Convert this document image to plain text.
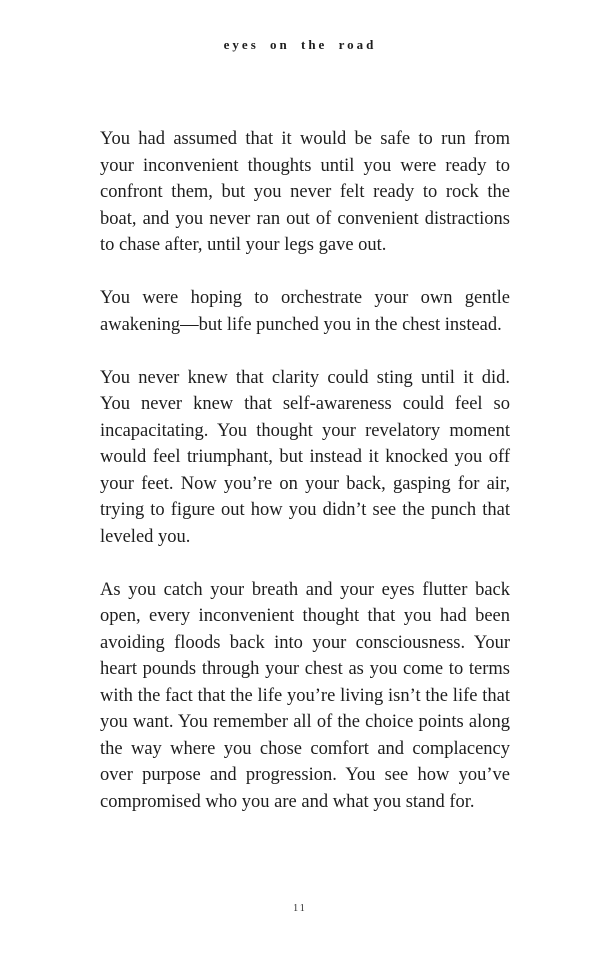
eyes on the road

You had assumed that it would be safe to run from your inconvenient thoughts until you were ready to confront them, but you never felt ready to rock the boat, and you never ran out of convenient distractions to chase after, until your legs gave out.

You were hoping to orchestrate your own gentle awakening—but life punched you in the chest instead.

You never knew that clarity could sting until it did. You never knew that self-awareness could feel so incapacitating. You thought your revelatory moment would feel triumphant, but instead it knocked you off your feet. Now you’re on your back, gasping for air, trying to figure out how you didn’t see the punch that leveled you.

As you catch your breath and your eyes flutter back open, every inconvenient thought that you had been avoiding floods back into your consciousness. Your heart pounds through your chest as you come to terms with the fact that the life you’re living isn’t the life that you want. You remember all of the choice points along the way where you chose comfort and complacency over purpose and progression. You see how you’ve compromised who you are and what you stand for.

11
